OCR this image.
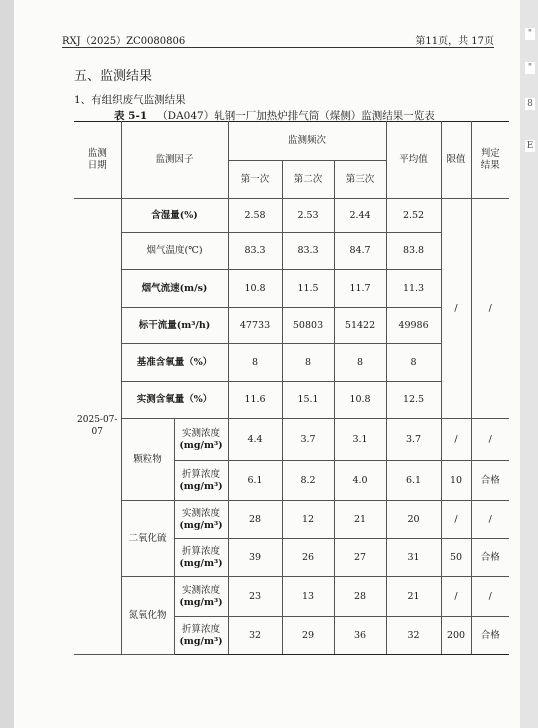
RXJ（2025）ZC0080806	第11页，共 17页
五、监测结果
1、有组织废气监测结果
表 5-1 （DA047）轧钢一厂加热炉排气筒（煤侧）监测结果一览表
监测日期	监测因子		监测频次			平均值	限值	判定结果
			第一次	第二次	第三次			
2025-07-07	含湿量(%)		2.58	2.53	2.44	2.52	/	/
	烟气温度(℃)		83.3	83.3	84.7	83.8		
	烟气流速(m/s)		10.8	11.5	11.7	11.3		
	标干流量(m³/h)		47733	50803	51422	49986		
	基准含氧量（%）		8	8	8	8		
	实测含氧量（%）		11.6	15.1	10.8	12.5		
	颗粒物	实测浓度
(mg/m³)	4.4	3.7	3.1	3.7	/	/
		折算浓度
(mg/m³)	6.1	8.2	4.0	6.1	10	合格
	二氧化硫	实测浓度
(mg/m³)	28	12	21	20	/	/
		折算浓度
(mg/m³)	39	26	27	31	50	合格
	氮氧化物	实测浓度
(mg/m³)	23	13	28	21	/	/
		折算浓度
(mg/m³)	32	29	36	32	200	合格
"
"
8
E
